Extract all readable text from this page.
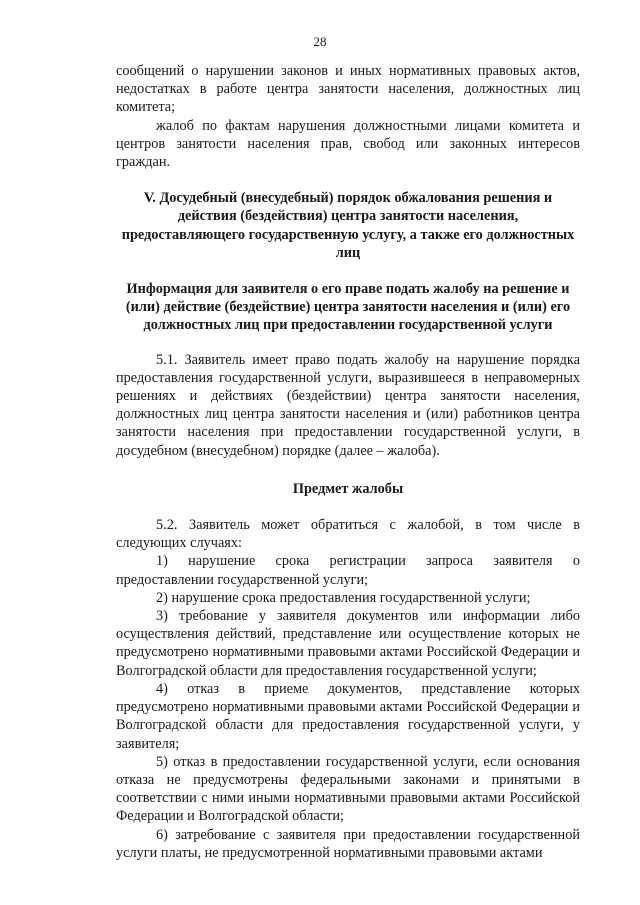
28

сообщений о нарушении законов и иных нормативных правовых актов, недостатках в работе центра занятости населения, должностных лиц комитета;

жалоб по фактам нарушения должностными лицами комитета и центров занятости населения прав, свобод или законных интересов граждан.

V. Досудебный (внесудебный) порядок обжалования решения и действия (бездействия) центра занятости населения, предоставляющего государственную услугу, а также его должностных лиц
Информация для заявителя о его праве подать жалобу на решение и (или) действие (бездействие) центра занятости населения и (или) его должностных лиц при предоставлении государственной услуги

5.1. Заявитель имеет право подать жалобу на нарушение порядка предоставления государственной услуги, выразившееся в неправомерных решениях и действиях (бездействии) центра занятости населения, должностных лиц центра занятости населения и (или) работников центра занятости населения при предоставлении государственной услуги, в досудебном (внесудебном) порядке (далее – жалоба).

Предмет жалобы

5.2. Заявитель может обратиться с жалобой, в том числе в следующих случаях:

1) нарушение срока регистрации запроса заявителя о предоставлении государственной услуги;

2) нарушение срока предоставления государственной услуги;

3) требование у заявителя документов или информации либо осуществления действий, представление или осуществление которых не предусмотрено нормативными правовыми актами Российской Федерации и Волгоградской области для предоставления государственной услуги;

4) отказ в приеме документов, представление которых предусмотрено нормативными правовыми актами Российской Федерации и Волгоградской области для предоставления государственной услуги, у заявителя;

5) отказ в предоставлении государственной услуги, если основания отказа не предусмотрены федеральными законами и принятыми в соответствии с ними иными нормативными правовыми актами Российской Федерации и Волгоградской области;

6) затребование с заявителя при предоставлении государственной услуги платы, не предусмотренной нормативными правовыми актами
